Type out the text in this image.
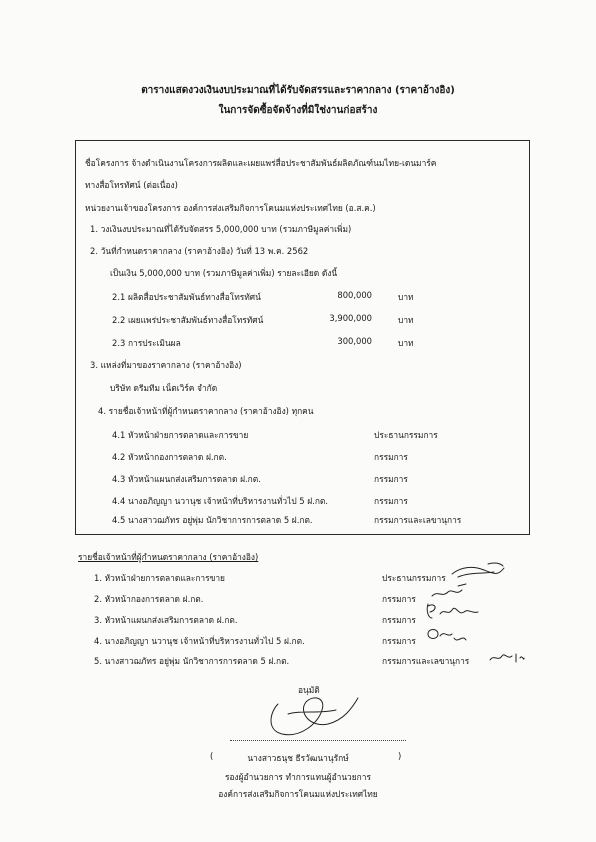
ตารางแสดงวงเงินงบประมาณที่ได้รับจัดสรรและราคากลาง (ราคาอ้างอิง)
ในการจัดซื้อจัดจ้างที่มิใช่งานก่อสร้าง
ชื่อโครงการ จ้างดำเนินงานโครงการผลิตและเผยแพร่สื่อประชาสัมพันธ์ผลิตภัณฑ์นมไทย-เดนมาร์ค
ทางสื่อโทรทัศน์ (ต่อเนื่อง)
หน่วยงานเจ้าของโครงการ องค์การส่งเสริมกิจการโคนมแห่งประเทศไทย (อ.ส.ค.)
1. วงเงินงบประมาณที่ได้รับจัดสรร 5,000,000 บาท (รวมภาษีมูลค่าเพิ่ม)
2. วันที่กำหนดราคากลาง (ราคาอ้างอิง) วันที่ 13 พ.ค. 2562
เป็นเงิน 5,000,000 บาท (รวมภาษีมูลค่าเพิ่ม) รายละเอียด ดังนี้
2.1 ผลิตสื่อประชาสัมพันธ์ทางสื่อโทรทัศน์	800,000	บาท
2.2 เผยแพร่ประชาสัมพันธ์ทางสื่อโทรทัศน์	3,900,000	บาท
2.3 การประเมินผล	300,000	บาท
3. แหล่งที่มาของราคากลาง (ราคาอ้างอิง)
บริษัท ดรีมทีม เน็ตเวิร์ค จำกัด
4. รายชื่อเจ้าหน้าที่ผู้กำหนดราคากลาง (ราคาอ้างอิง) ทุกคน
4.1 หัวหน้าฝ่ายการตลาดและการขาย	ประธานกรรมการ
4.2 หัวหน้ากองการตลาด ฝ.กต.	กรรมการ
4.3 หัวหน้าแผนกส่งเสริมการตลาด ฝ.กต.	กรรมการ
4.4 นางอภิญญา นวานุช เจ้าหน้าที่บริหารงานทั่วไป 5 ฝ.กต.	กรรมการ
4.5 นางสาวฌภัทร อยู่พุ่ม นักวิชาการการตลาด 5 ฝ.กต.	กรรมการและเลขานุการ
รายชื่อเจ้าหน้าที่ผู้กำหนดราคากลาง (ราคาอ้างอิง)
1. หัวหน้าฝ่ายการตลาดและการขาย	ประธานกรรมการ
2. หัวหน้ากองการตลาด ฝ.กต.	กรรมการ
3. หัวหน้าแผนกส่งเสริมการตลาด ฝ.กต.	กรรมการ
4. นางอภิญญา นวานุช เจ้าหน้าที่บริหารงานทั่วไป 5 ฝ.กต.	กรรมการ
5. นางสาวฌภัทร อยู่พุ่ม นักวิชาการการตลาด 5 ฝ.กต.	กรรมการและเลขานุการ
อนุมัติ
(	)
นางสาวธนุช ธีรวัฒนานุรักษ์
รองผู้อำนวยการ ทำการแทนผู้อำนวยการ
องค์การส่งเสริมกิจการโคนมแห่งประเทศไทย
